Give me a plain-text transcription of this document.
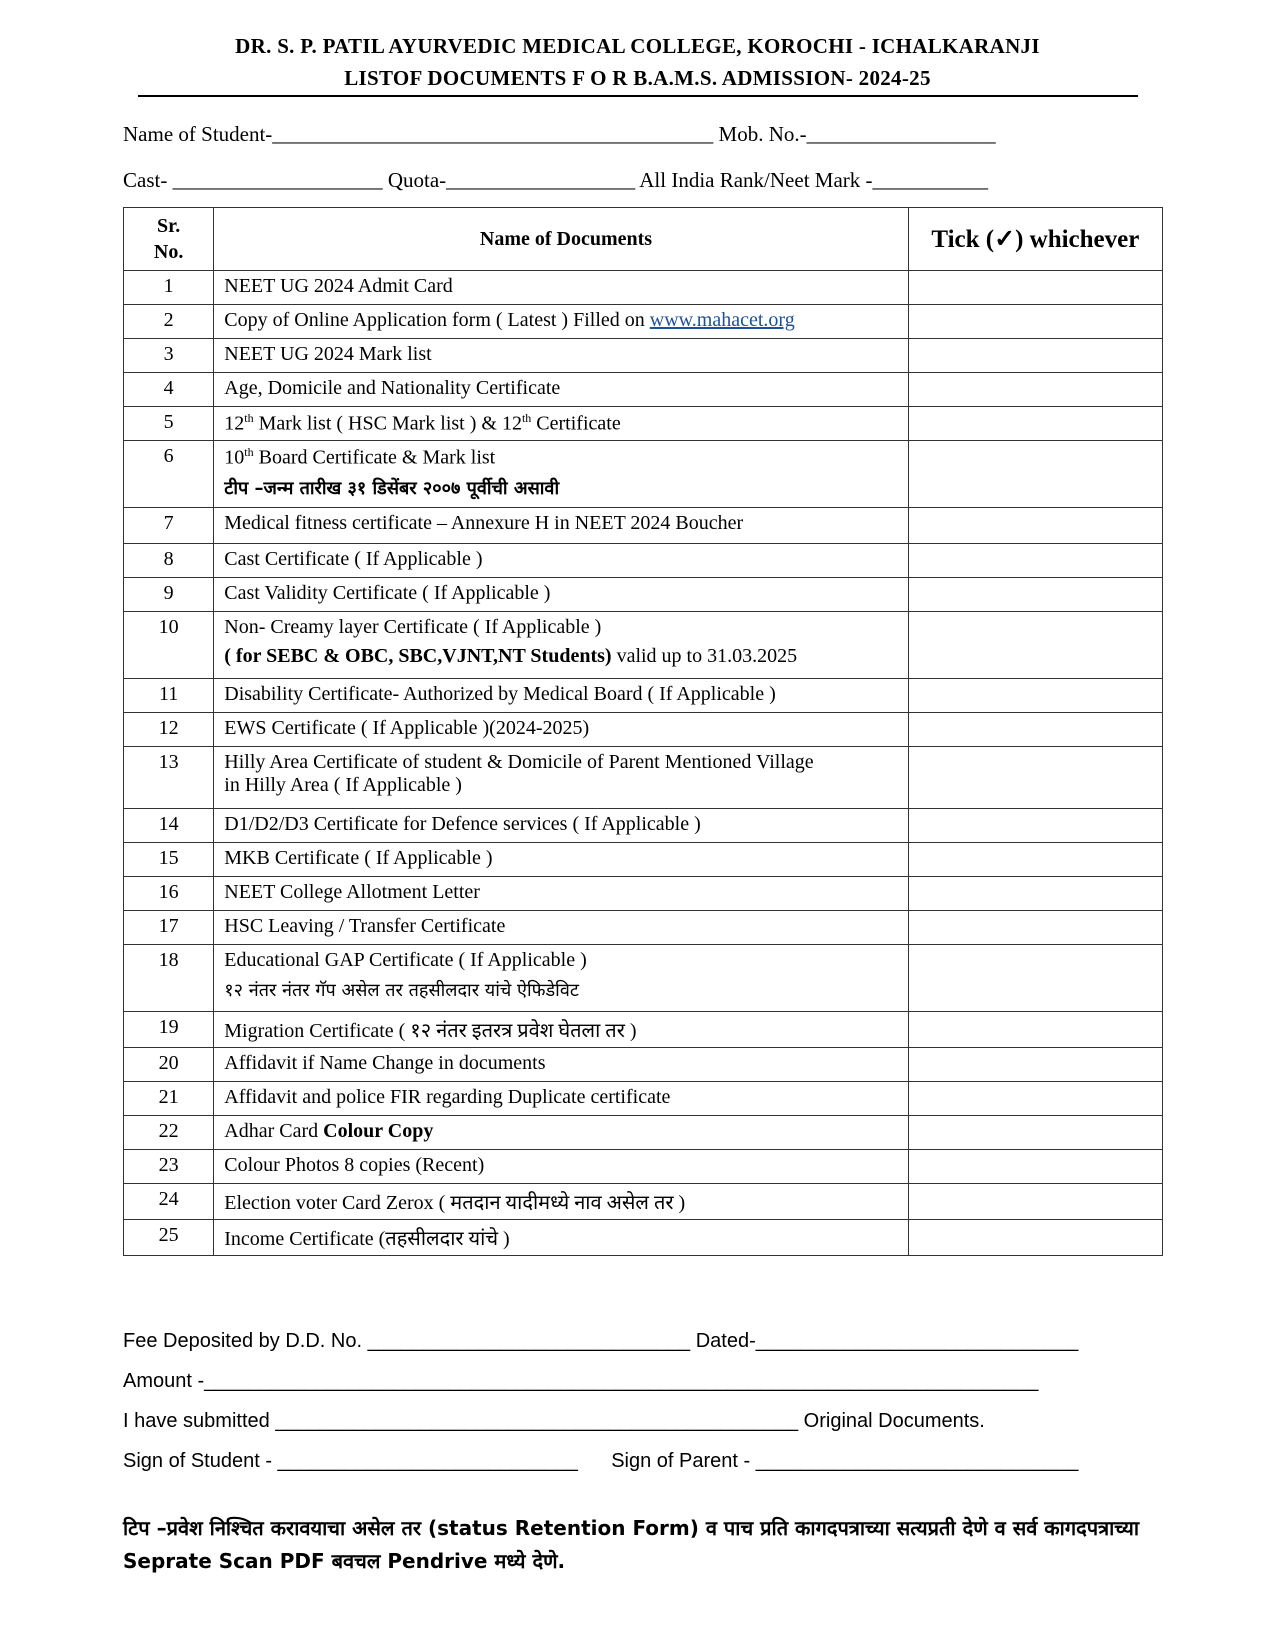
DR. S. P. PATIL AYURVEDIC MEDICAL COLLEGE, KOROCHI - ICHALKARANJI
LISTOF DOCUMENTS F O R B.A.M.S. ADMISSION- 2024-25
Name of Student-__________________________________________ Mob. No.-__________________
Cast- ____________________ Quota-__________________ All India Rank/Neet Mark -___________
Sr.
No.	Name of Documents	Tick (✓) whichever
1	NEET UG 2024 Admit Card	
2	Copy of Online Application form ( Latest ) Filled on www.mahacet.org	
3	NEET UG 2024 Mark list	
4	Age, Domicile and Nationality Certificate	
5	12th Mark list ( HSC Mark list ) & 12th Certificate	
6	10th Board Certificate & Mark list
टीप –जन्म तारीख ३१ डिसेंबर २००७ पूर्वीची असावी	

7	Medical fitness certificate – Annexure H in NEET 2024 Boucher	
8	Cast Certificate ( If Applicable )	
9	Cast Validity Certificate ( If Applicable )	
10	Non- Creamy layer Certificate ( If Applicable )
( for SEBC & OBC, SBC,VJNT,NT Students) valid up to 31.03.2025	

11	Disability Certificate- Authorized by Medical Board ( If Applicable )	
12	EWS Certificate ( If Applicable )(2024-2025)	
13	Hilly Area Certificate of student & Domicile of Parent Mentioned Village
in Hilly Area ( If Applicable )	

14	D1/D2/D3 Certificate for Defence services ( If Applicable )	
15	MKB Certificate ( If Applicable )	
16	NEET College Allotment Letter	
17	HSC Leaving / Transfer Certificate	
18	Educational GAP Certificate ( If Applicable )
१२ नंतर नंतर गॅप असेल तर तहसीलदार यांचे ऐफिडेविट	

19	Migration Certificate ( १२ नंतर इतरत्र प्रवेश घेतला तर )	
20	Affidavit if Name Change in documents	
21	Affidavit and police FIR regarding Duplicate certificate	
22	Adhar Card Colour Copy	
23	Colour Photos 8 copies (Recent)	
24	Election voter Card Zerox ( मतदान यादीमध्ये नाव असेल तर )	
25	Income Certificate (तहसीलदार यांचे )	
Fee Deposited by D.D. No. _____________________________ Dated-_____________________________
Amount -___________________________________________________________________________
I have submitted _______________________________________________ Original Documents.
Sign of Student - ___________________________      Sign of Parent - _____________________________
टिप –प्रवेश निश्चित करावयाचा असेल तर (status Retention Form) व पाच प्रति कागदपत्राच्या सत्यप्रती देणे व सर्व कागदपत्राच्या Seprate Scan PDF बवचल Pendrive मध्ये देणे.
